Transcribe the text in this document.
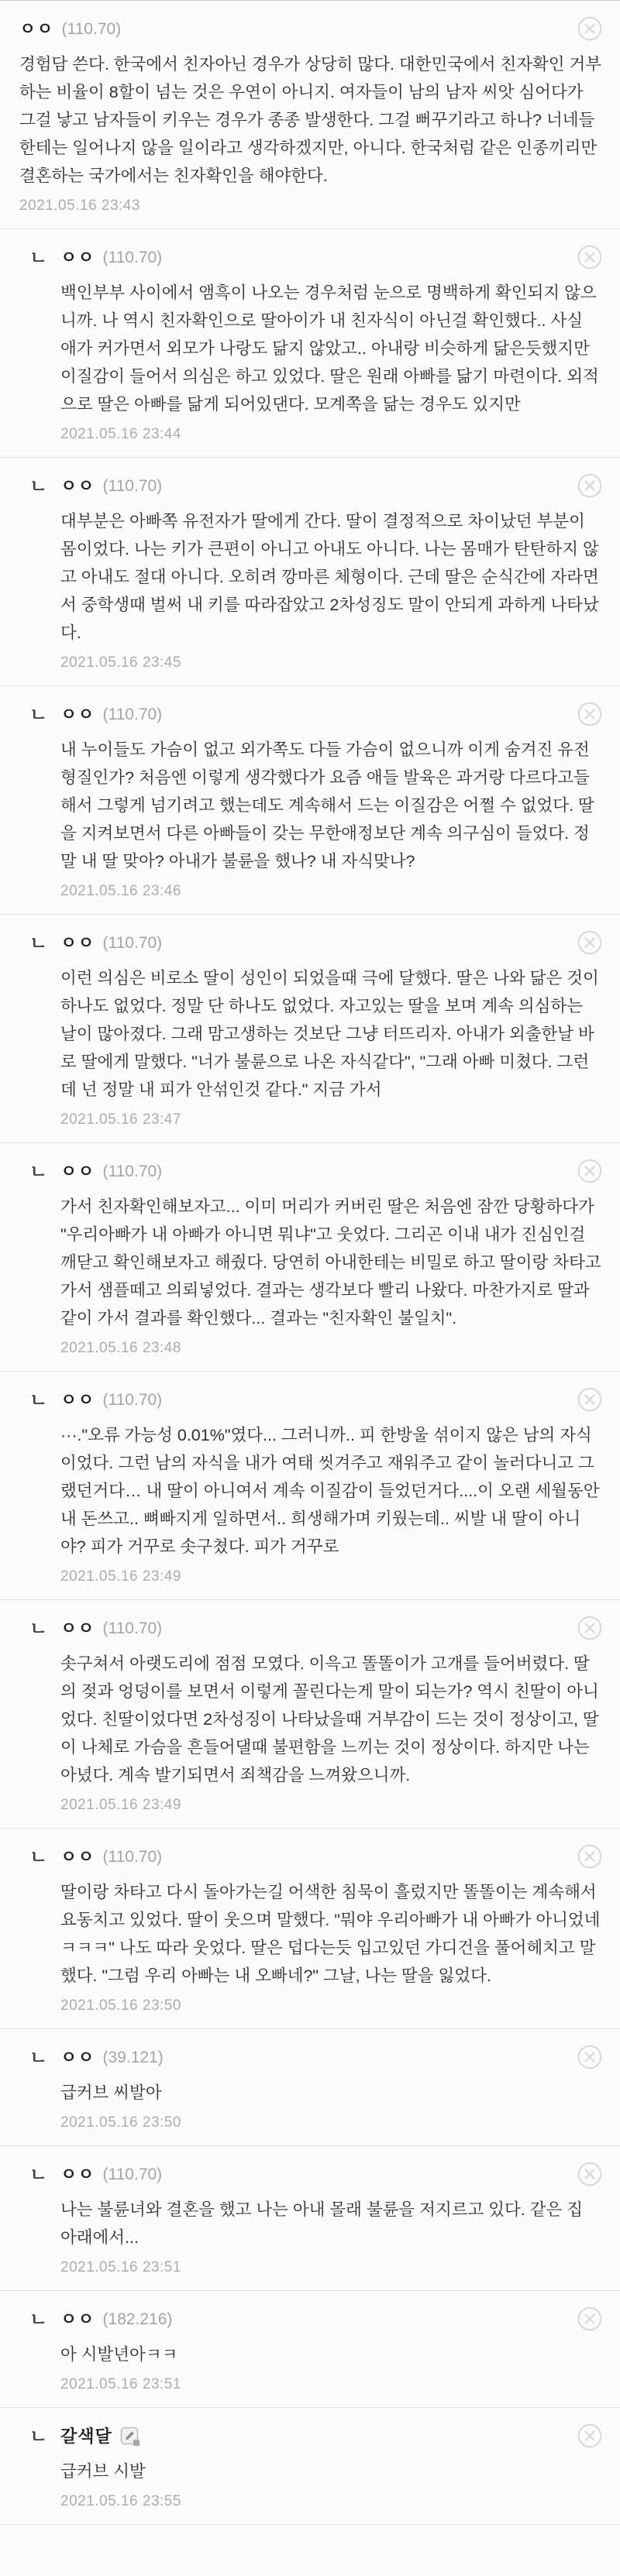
ㅇㅇ (110.70)

경험담 쓴다. 한국에서 친자아닌 경우가 상당히 많다. 대한민국에서 친자확인 거부하는 비율이 8할이 넘는 것은 우연이 아니지. 여자들이 남의 남자 씨앗 심어다가 그걸 낳고 남자들이 키우는 경우가 종종 발생한다. 그걸 뻐꾸기라고 하나? 너네들한테는 일어나지 않을 일이라고 생각하겠지만, 아니다. 한국처럼 같은 인종끼리만 결혼하는 국가에서는 친자확인을 해야한다.

2021.05.16 23:43
ㄴ ㅇㅇ (110.70)

백인부부 사이에서 앰흑이 나오는 경우처럼 눈으로 명백하게 확인되지 않으니까. 나 역시 친자확인으로 딸아이가 내 친자식이 아닌걸 확인했다.. 사실 애가 커가면서 외모가 나랑도 닮지 않았고.. 아내랑 비슷하게 닮은듯했지만 이질감이 들어서 의심은 하고 있었다. 딸은 원래 아빠를 닮기 마련이다. 외적으로 딸은 아빠를 닮게 되어있댄다. 모계쪽을 닮는 경우도 있지만

2021.05.16 23:44
ㄴ ㅇㅇ (110.70)

대부분은 아빠쪽 유전자가 딸에게 간다. 딸이 결정적으로 차이났던 부분이 몸이었다. 나는 키가 큰편이 아니고 아내도 아니다. 나는 몸매가 탄탄하지 않고 아내도 절대 아니다. 오히려 깡마른 체형이다. 근데 딸은 순식간에 자라면서 중학생때 벌써 내 키를 따라잡았고 2차성징도 말이 안되게 과하게 나타났다.

2021.05.16 23:45
ㄴ ㅇㅇ (110.70)

내 누이들도 가슴이 없고 외가쪽도 다들 가슴이 없으니까 이게 숨겨진 유전형질인가? 처음엔 이렇게 생각했다가 요즘 애들 발육은 과거랑 다르다고들 해서 그렇게 넘기려고 했는데도 계속해서 드는 이질감은 어쩔 수 없었다. 딸을 지켜보면서 다른 아빠들이 갖는 무한애정보단 계속 의구심이 들었다. 정말 내 딸 맞아? 아내가 불륜을 했나? 내 자식맞나?

2021.05.16 23:46
ㄴ ㅇㅇ (110.70)

이런 의심은 비로소 딸이 성인이 되었을때 극에 달했다. 딸은 나와 닮은 것이 하나도 없었다. 정말 단 하나도 없었다. 자고있는 딸을 보며 계속 의심하는 날이 많아졌다. 그래 맘고생하는 것보단 그냥 터뜨리자. 아내가 외출한날 바로 딸에게 말했다. "너가 불륜으로 나온 자식같다", "그래 아빠 미쳤다. 그런데 넌 정말 내 피가 안섞인것 같다." 지금 가서

2021.05.16 23:47
ㄴ ㅇㅇ (110.70)

가서 친자확인해보자고... 이미 머리가 커버린 딸은 처음엔 잠깐 당황하다가 "우리아빠가 내 아빠가 아니면 뭐냐"고 웃었다. 그리곤 이내 내가 진심인걸 깨닫고 확인해보자고 해줬다. 당연히 아내한테는 비밀로 하고 딸이랑 차타고 가서 샘플떼고 의뢰넣었다. 결과는 생각보다 빨리 나왔다. 마찬가지로 딸과 같이 가서 결과를 확인했다... 결과는 "친자확인 불일치".

2021.05.16 23:48
ㄴ ㅇㅇ (110.70)

···."오류 가능성 0.01%"였다... 그러니까.. 피 한방울 섞이지 않은 남의 자식이었다. 그런 남의 자식을 내가 여태 씻겨주고 재워주고 같이 놀러다니고 그랬던거다… 내 딸이 아니여서 계속 이질감이 들었던거다....이 오랜 세월동안 내 돈쓰고.. 뼈빠지게 일하면서.. 희생해가며 키웠는데.. 씨발 내 딸이 아니야? 피가 거꾸로 솟구쳤다. 피가 거꾸로

2021.05.16 23:49
ㄴ ㅇㅇ (110.70)

솟구쳐서 아랫도리에 점점 모였다. 이윽고 똘똘이가 고개를 들어버렸다. 딸의 젖과 엉덩이를 보면서 이렇게 꼴린다는게 말이 되는가? 역시 친딸이 아니었다. 친딸이었다면 2차성징이 나타났을때 거부감이 드는 것이 정상이고, 딸이 나체로 가슴을 흔들어댈때 불편함을 느끼는 것이 정상이다. 하지만 나는 아녔다. 계속 발기되면서 죄책감을 느껴왔으니까.

2021.05.16 23:49
ㄴ ㅇㅇ (110.70)

딸이랑 차타고 다시 돌아가는길 어색한 침묵이 흘렀지만 똘똘이는 계속해서 요동치고 있었다. 딸이 웃으며 말했다. "뭐야 우리아빠가 내 아빠가 아니었네ㅋㅋㅋ" 나도 따라 웃었다. 딸은 덥다는듯 입고있던 가디건을 풀어헤치고 말했다. "그럼 우리 아빠는 내 오빠네?" 그날, 나는 딸을 잃었다.

2021.05.16 23:50
ㄴ ㅇㅇ (39.121)

급커브 씨발아

2021.05.16 23:50
ㄴ ㅇㅇ (110.70)

나는 불륜녀와 결혼을 했고 나는 아내 몰래 불륜을 저지르고 있다. 같은 집 아래에서...

2021.05.16 23:51
ㄴ ㅇㅇ (182.216)

아 시발년아ㅋㅋ

2021.05.16 23:51
ㄴ 갈색달

급커브 시발

2021.05.16 23:55
